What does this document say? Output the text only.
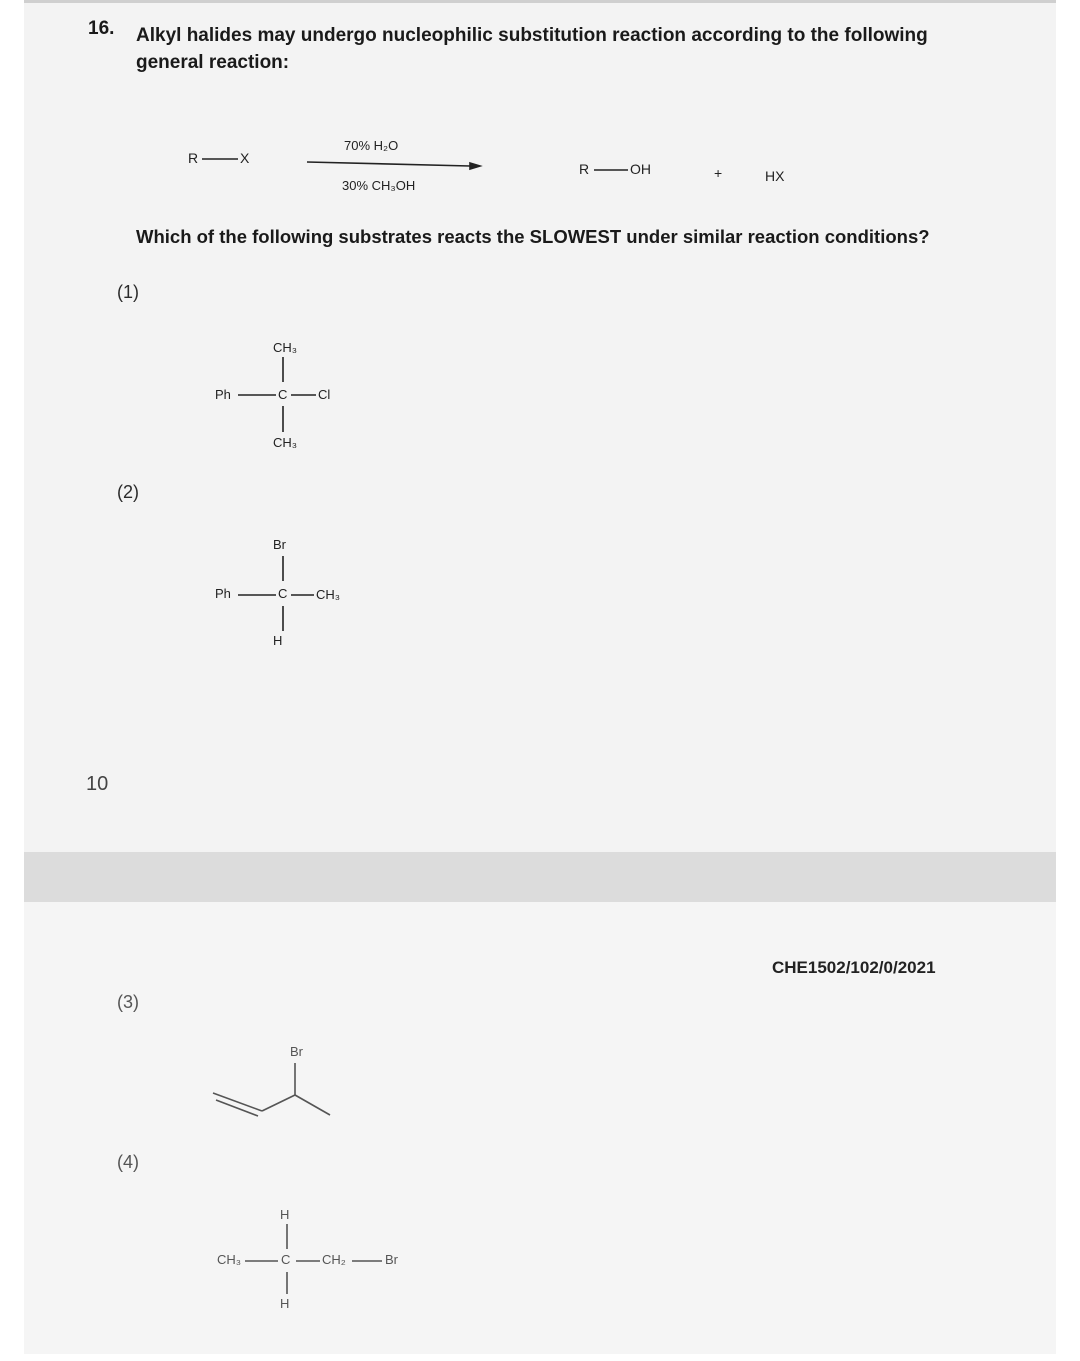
16. Alkyl halides may undergo nucleophilic substitution reaction according to the following general reaction:
R	X
70% H₂O
30% CH₃OH
R	OH	+	HX
Which of the following substrates reacts the SLOWEST under similar reaction conditions?
(1)
CH₃
Ph	C Cl
CH₃
(2)
Br
Ph	C CH₃
H
10
CHE1502/102/0/2021
(3)
Br
(4)
H
CH₃	C CH₂	Br
H
